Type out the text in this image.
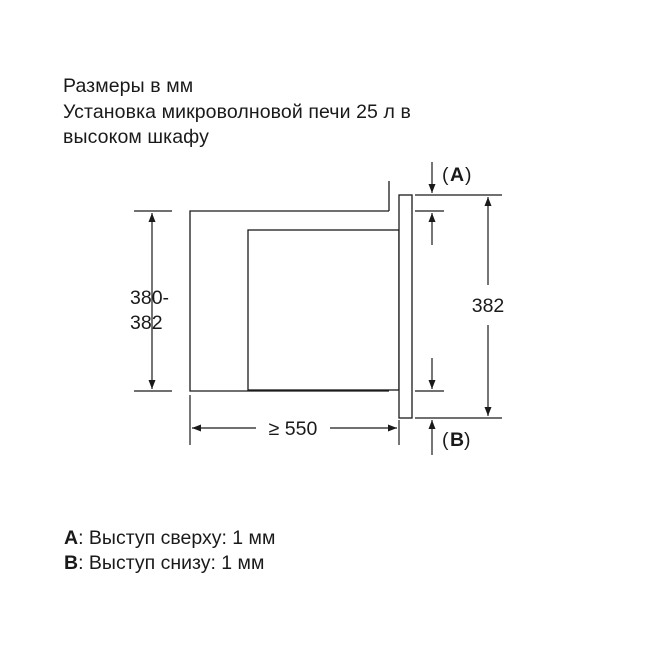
Размеры в мм
Установка микроволновой печи 25 л в
высоком шкафу
380-
382
≥ 550
382
( A )
( B )
A: Выступ сверху: 1 мм
B: Выступ снизу: 1 мм
